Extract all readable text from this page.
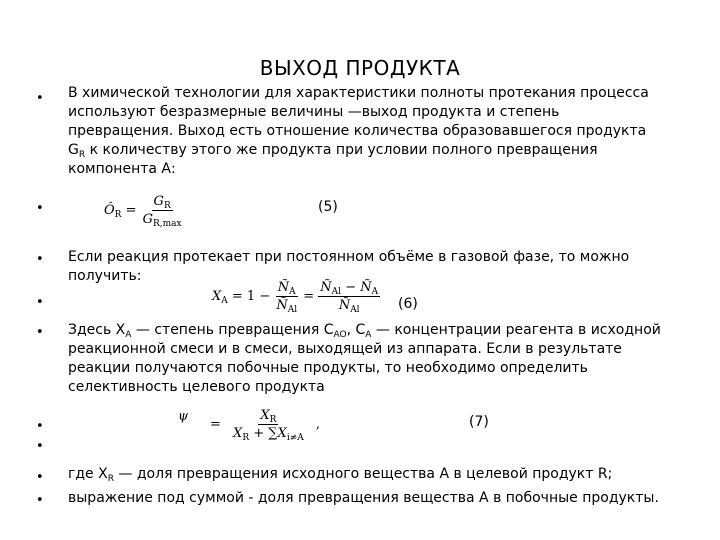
ВЫХОД ПРОДУКТА
•
•
•
•
•
•
•
•
•
В химической технологии для характеристики полноты протекания процесса
используют безразмерные величины —выход продукта и степень
превращения. Выход есть отношение количества образовавшегося продукта
$G_R$ к количеству этого же продукта при условии полного превращения
компонента А:
$Ô_R = \frac{G_R}{G_{R,max}}$	(5)
Если реакция протекает при постоянном объёме в газовой фазе, то можно
получить:
$X_A = 1 - \frac{Ñ_A}{Ñ_{Al}} = \frac{Ñ_{Al} - Ñ_A}{Ñ_{Al}} (6)$
Здесь $X_A$ — степень превращения $C_{AO}$, $C_A$ — концентрации реагента в исходной
реакционной смеси и в смеси, выходящей из аппарата. Если в результате
реакции получаются побочные продукты, то необходимо определить
селективность целевого продукта
ψ
= $\frac{X_R}{X_R + \sum X_{i\ne A}}$ ,	(7)
где $X_R$ — доля превращения исходного вещества А в целевой продукт R;
выражение под суммой - доля превращения вещества А в побочные продукты.
